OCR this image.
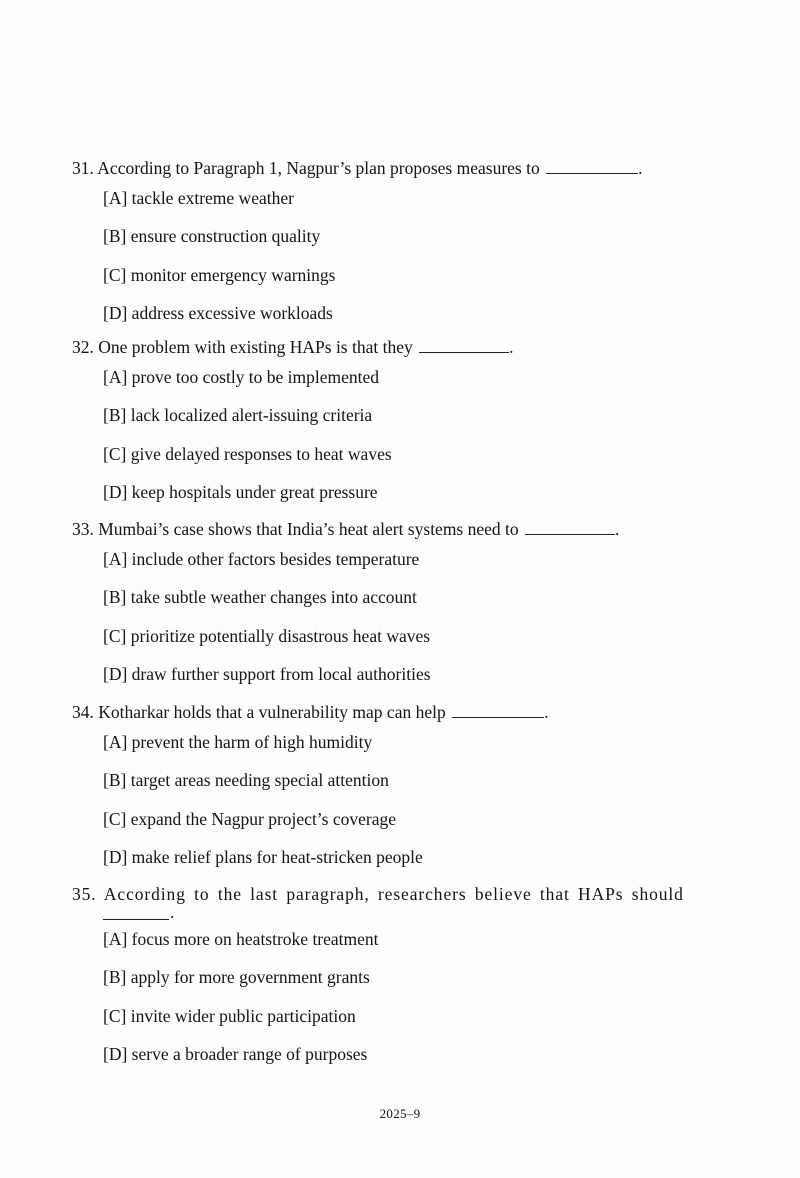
31. According to Paragraph 1, Nagpur’s plan proposes measures to	.

[A] tackle extreme weather
[B] ensure construction quality
[C] monitor emergency warnings
[D] address excessive workloads

32. One problem with existing HAPs is that they	.

[A] prove too costly to be implemented
[B] lack localized alert-issuing criteria
[C] give delayed responses to heat waves
[D] keep hospitals under great pressure

33. Mumbai’s case shows that India’s heat alert systems need to	.

[A] include other factors besides temperature
[B] take subtle weather changes into account
[C] prioritize potentially disastrous heat waves
[D] draw further support from local authorities

34. Kotharkar holds that a vulnerability map can help	.

[A] prevent the harm of high humidity
[B] target areas needing special attention
[C] expand the Nagpur project’s coverage
[D] make relief plans for heat-stricken people

35. According to the last paragraph, researchers believe that HAPs should

.
[A] focus more on heatstroke treatment
[B] apply for more government grants
[C] invite wider public participation
[D] serve a broader range of purposes
2025–9
